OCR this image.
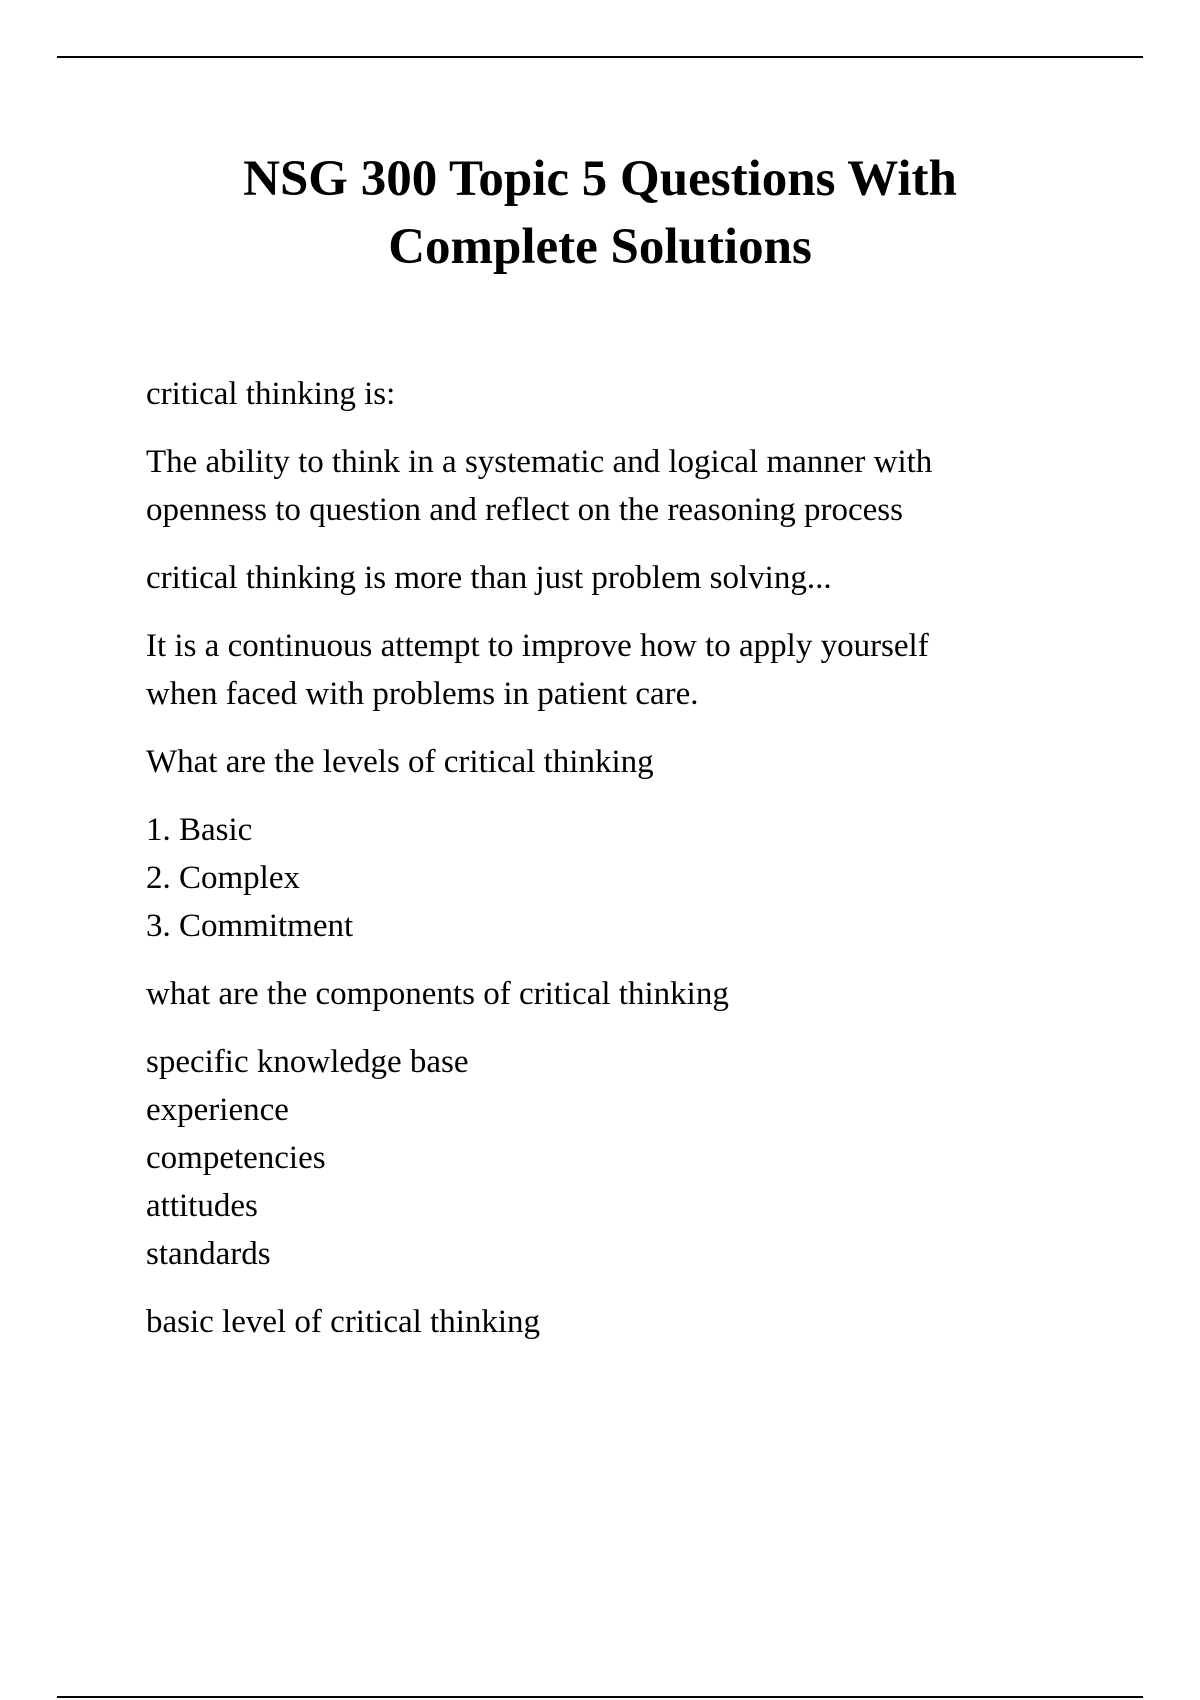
NSG 300 Topic 5 Questions With
Complete Solutions

critical thinking is:

The ability to think in a systematic and logical manner with
openness to question and reflect on the reasoning process

critical thinking is more than just problem solving...

It is a continuous attempt to improve how to apply yourself
when faced with problems in patient care.

What are the levels of critical thinking

1. Basic
2. Complex
3. Commitment

what are the components of critical thinking

specific knowledge base
experience
competencies
attitudes
standards

basic level of critical thinking
